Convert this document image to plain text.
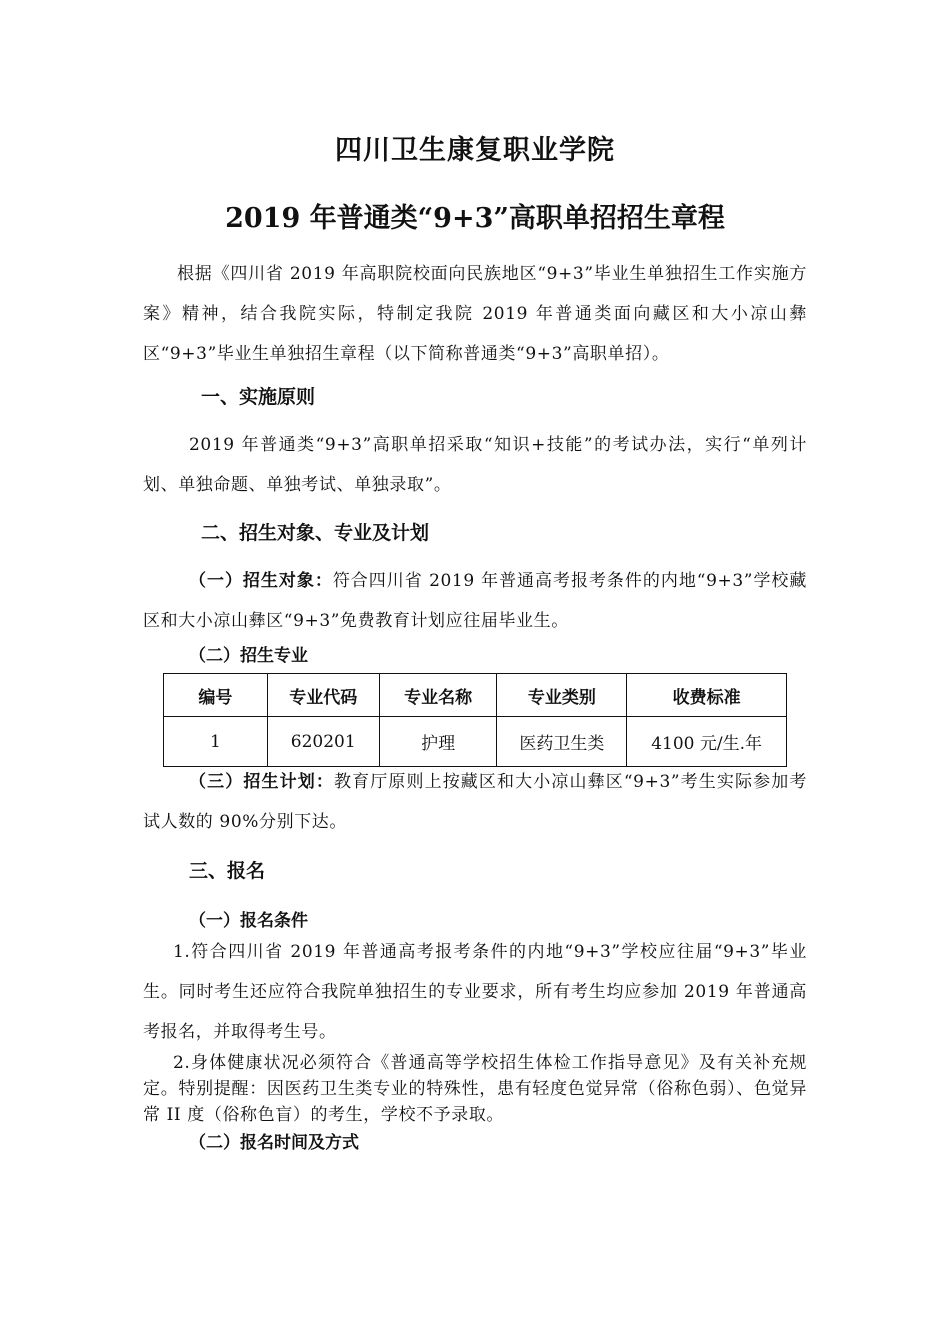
四川卫生康复职业学院
2019 年普通类“9+3”高职单招招生章程

根据《四川省 2019 年高职院校面向民族地区“9+3”毕业生单独招生工作实施方案》精神，结合我院实际，特制定我院 2019 年普通类面向藏区和大小凉山彝区“9+3”毕业生单独招生章程（以下简称普通类“9+3”高职单招）。

一、实施原则

2019 年普通类“9+3”高职单招采取“知识+技能”的考试办法，实行“单列计划、单独命题、单独考试、单独录取”。

二、招生对象、专业及计划

（一）招生对象：符合四川省 2019 年普通高考报考条件的内地“9+3”学校藏区和大小凉山彝区“9+3”免费教育计划应往届毕业生。

（二）招生专业
编号	专业代码	专业名称	专业类别	收费标准
1	620201	护理	医药卫生类	4100 元/生.年

（三）招生计划：教育厅原则上按藏区和大小凉山彝区“9+3”考生实际参加考试人数的 90%分别下达。

三、报名
（一）报名条件

1.符合四川省 2019 年普通高考报考条件的内地“9+3”学校应往届“9+3”毕业生。同时考生还应符合我院单独招生的专业要求，所有考生均应参加 2019 年普通高考报名，并取得考生号。

2.身体健康状况必须符合《普通高等学校招生体检工作指导意见》及有关补充规定。特别提醒：因医药卫生类专业的特殊性，患有轻度色觉异常（俗称色弱）、色觉异常 II 度（俗称色盲）的考生，学校不予录取。

（二）报名时间及方式
